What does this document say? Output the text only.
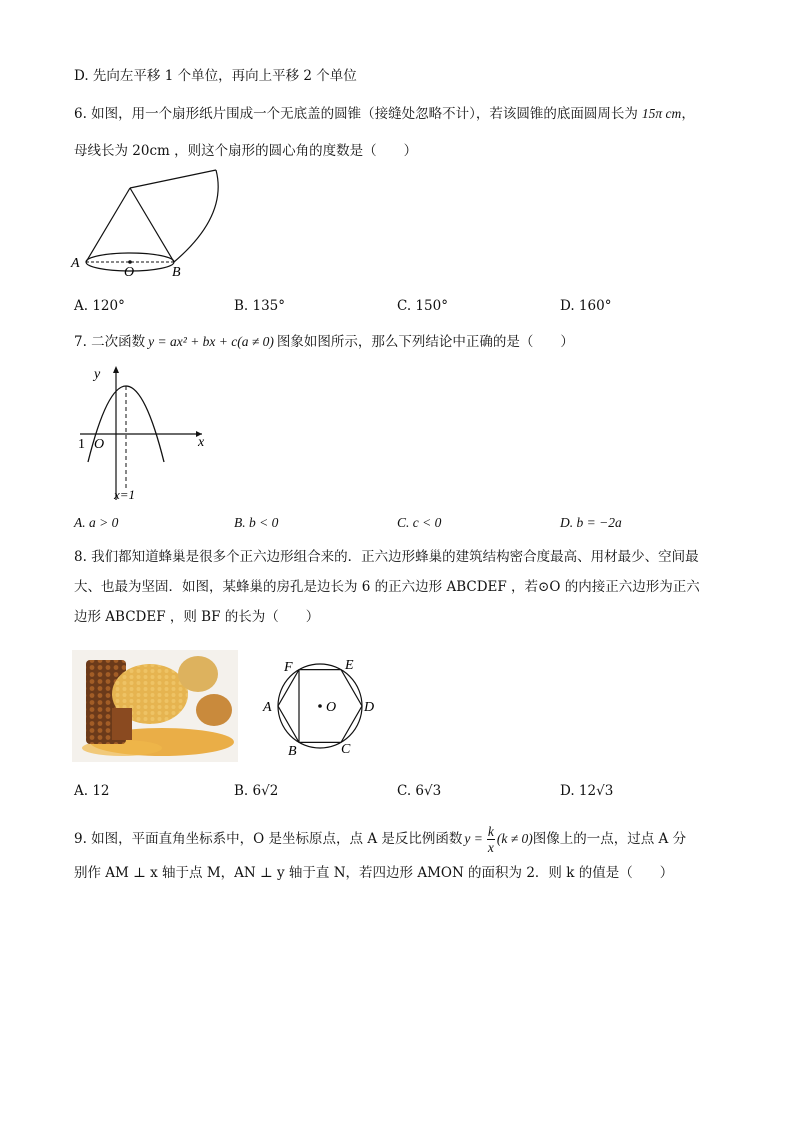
D. 先向左平移 1 个单位，再向上平移 2 个单位
6. 如图，用一个扇形纸片围成一个无底盖的圆锥（接缝处忽略不计），若该圆锥的底面圆周长为 15π cm，
母线长为 20cm ，则这个扇形的圆心角的度数是（　　）
A
O	B
A. 120°	B. 135°	C. 150°	D. 160°
7. 二次函数 y = ax² + bx + c(a ≠ 0) 图象如图所示，那么下列结论中正确的是（　　）
y
x
1 O
x=1
A. a > 0	B. b < 0	C. c < 0	D. b = −2a
8. 我们都知道蜂巢是很多个正六边形组合来的．正六边形蜂巢的建筑结构密合度最高、用材最少、空间最
大、也最为坚固．如图，某蜂巢的房孔是边长为 6 的正六边形 ABCDEF ，若⊙O 的内接正六边形为正六
边形 ABCDEF ，则 BF 的长为（　　）
F	E
A	O D
B	C
A. 12	B. 6√2	C. 6√3	D. 12√3
9. 如图，平面直角坐标系中，O 是坐标原点，点 A 是反比例函数 $y = \frac{k}{x} (k \ne 0)$图像上的一点，过点 A 分
别作 AM ⊥ x 轴于点 M，AN ⊥ y 轴于直 N，若四边形 AMON 的面积为 2．则 k 的值是（　　）
